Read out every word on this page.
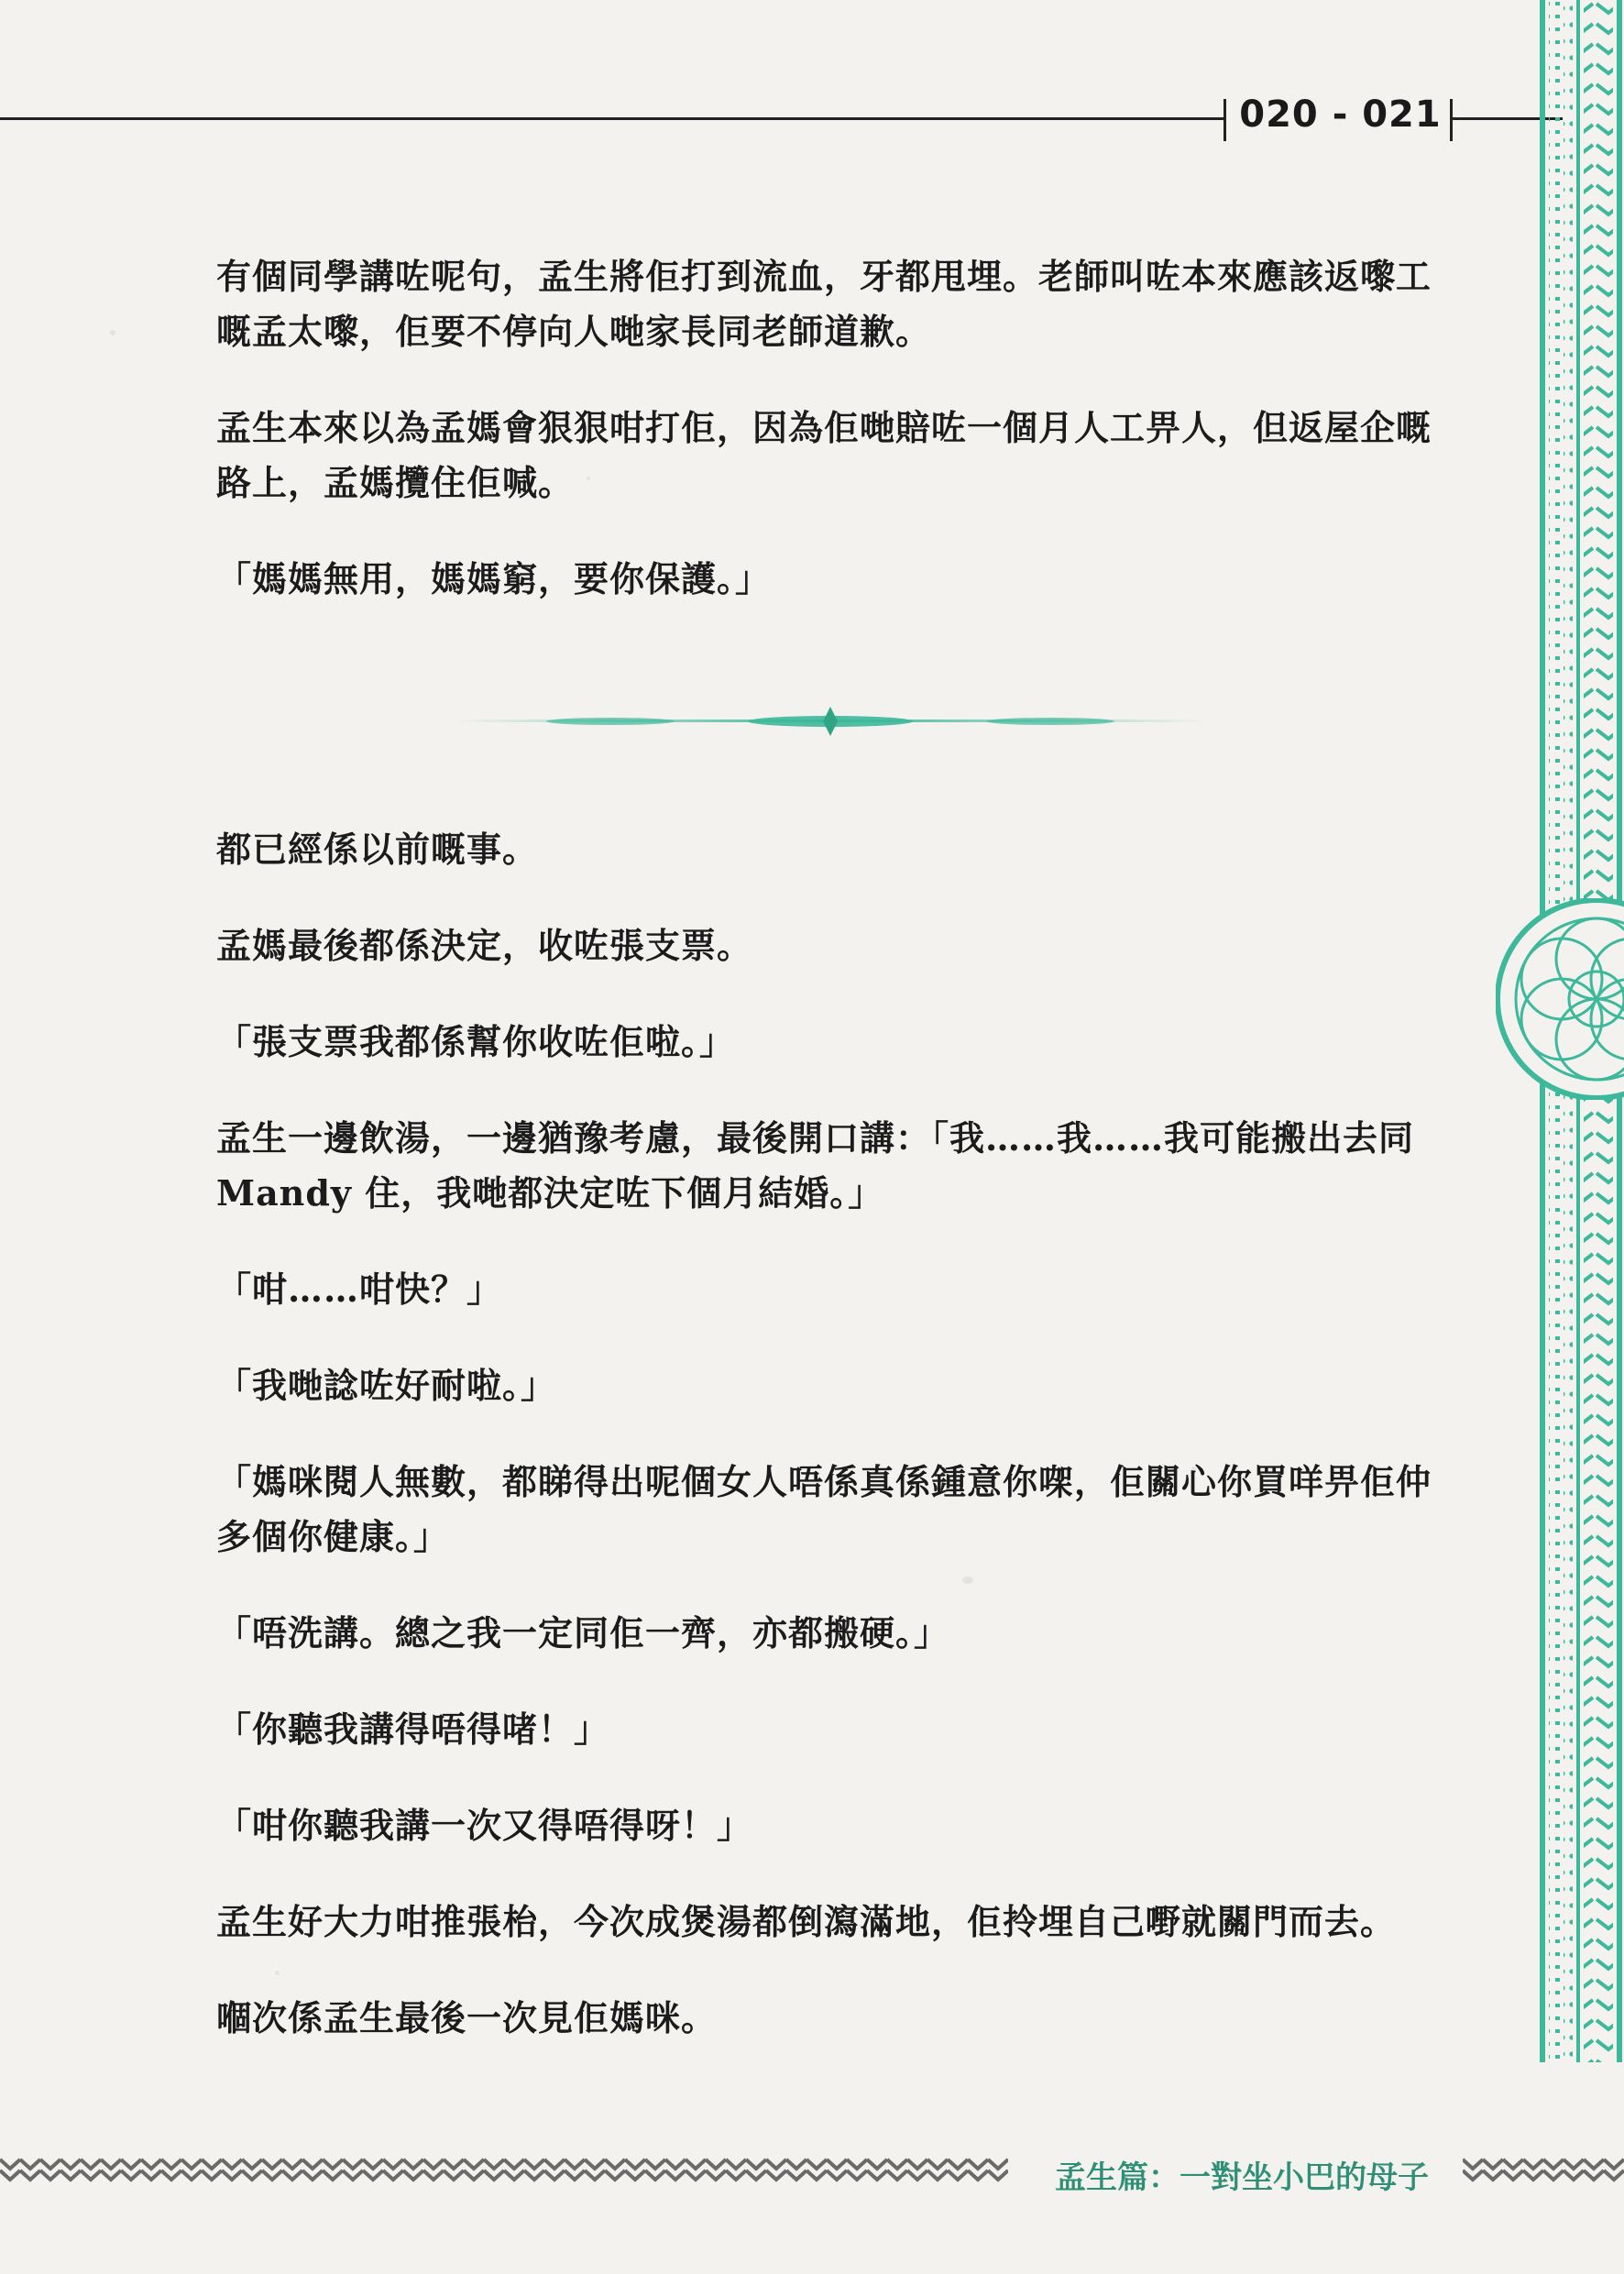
020 - 021

有個同學講咗呢句，孟生將佢打到流血，牙都甩埋。老師叫咗本來應該返嚟工嘅孟太嚟，佢要不停向人哋家長同老師道歉。

孟生本來以為孟媽會狠狠咁打佢，因為佢哋賠咗一個月人工畀人，但返屋企嘅路上，孟媽攬住佢喊。

「媽媽無用，媽媽窮，要你保護。」

都已經係以前嘅事。

孟媽最後都係決定，收咗張支票。

「張支票我都係幫你收咗佢啦。」

孟生一邊飲湯，一邊猶豫考慮，最後開口講：「我……我……我可能搬出去同 Mandy 住，我哋都決定咗下個月結婚。」

「咁……咁快？」

「我哋諗咗好耐啦。」

「媽咪閱人無數，都睇得出呢個女人唔係真係鍾意你㗎，佢關心你買咩畀佢仲多個你健康。」

「唔洗講。總之我一定同佢一齊，亦都搬硬。」

「你聽我講得唔得啫！」

「咁你聽我講一次又得唔得呀！」

孟生好大力咁推張枱，今次成煲湯都倒瀉滿地，佢拎埋自己嘢就關門而去。

嗰次係孟生最後一次見佢媽咪。

孟生篇：一對坐小巴的母子
